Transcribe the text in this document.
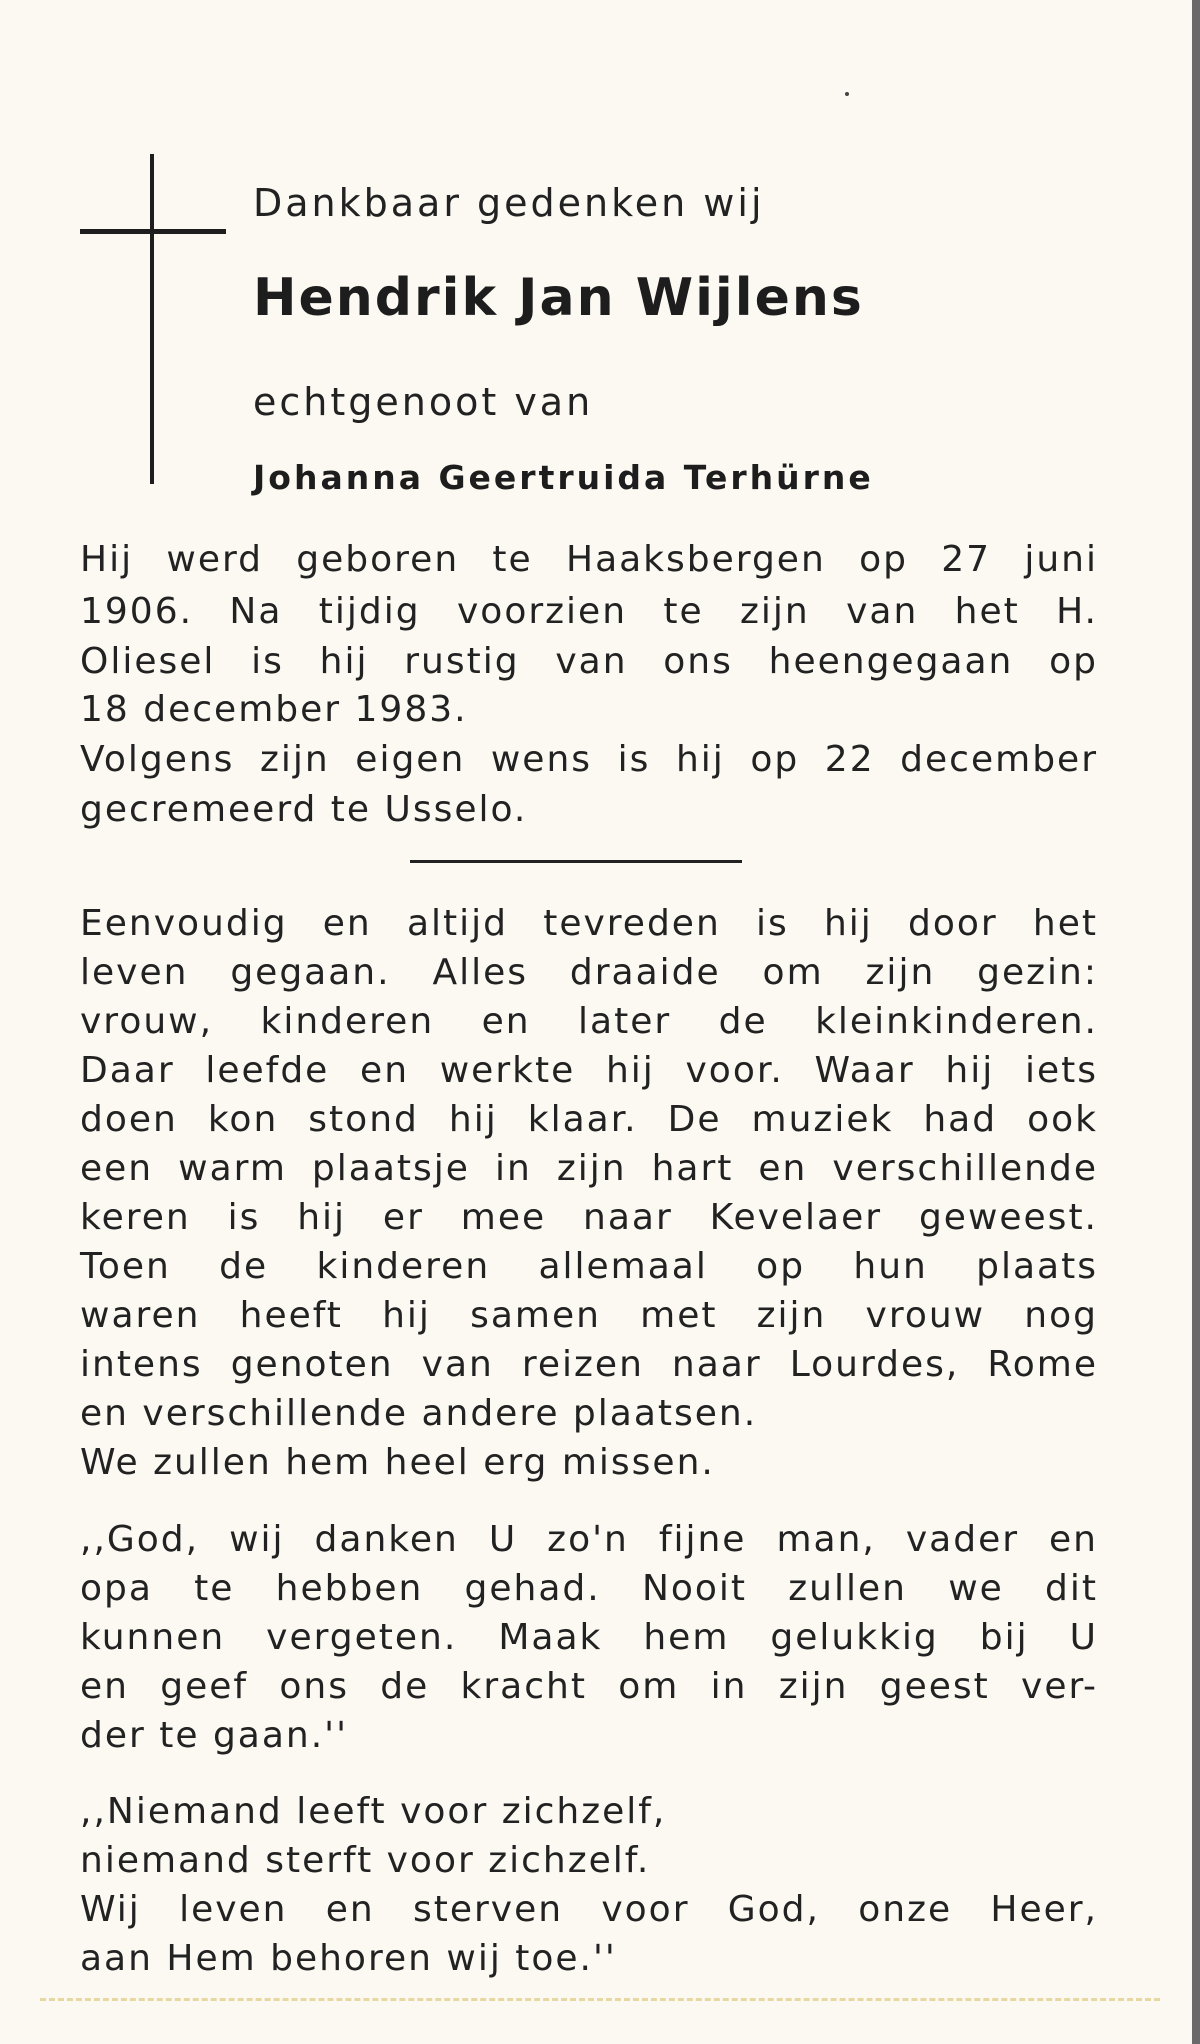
Dankbaar gedenken wij
Hendrik Jan Wijlens
echtgenoot van
Johanna Geertruida Terhürne
Hij werd geboren te Haaksbergen op 27 juni
1906. Na tijdig voorzien te zijn van het H.
Oliesel is hij rustig van ons heengegaan op
18 december 1983.
Volgens zijn eigen wens is hij op 22 december
gecremeerd te Usselo.
Eenvoudig en altijd tevreden is hij door het
leven gegaan. Alles draaide om zijn gezin:
vrouw, kinderen en later de kleinkinderen.
Daar leefde en werkte hij voor. Waar hij iets
doen kon stond hij klaar. De muziek had ook
een warm plaatsje in zijn hart en verschillende
keren is hij er mee naar Kevelaer geweest.
Toen de kinderen allemaal op hun plaats
waren heeft hij samen met zijn vrouw nog
intens genoten van reizen naar Lourdes, Rome
en verschillende andere plaatsen.
We zullen hem heel erg missen.
,,God, wij danken U zo'n fijne man, vader en
opa te hebben gehad. Nooit zullen we dit
kunnen vergeten. Maak hem gelukkig bij U
en geef ons de kracht om in zijn geest ver-
der te gaan.''
,,Niemand leeft voor zichzelf,
niemand sterft voor zichzelf.
Wij leven en sterven voor God, onze Heer,
aan Hem behoren wij toe.''
